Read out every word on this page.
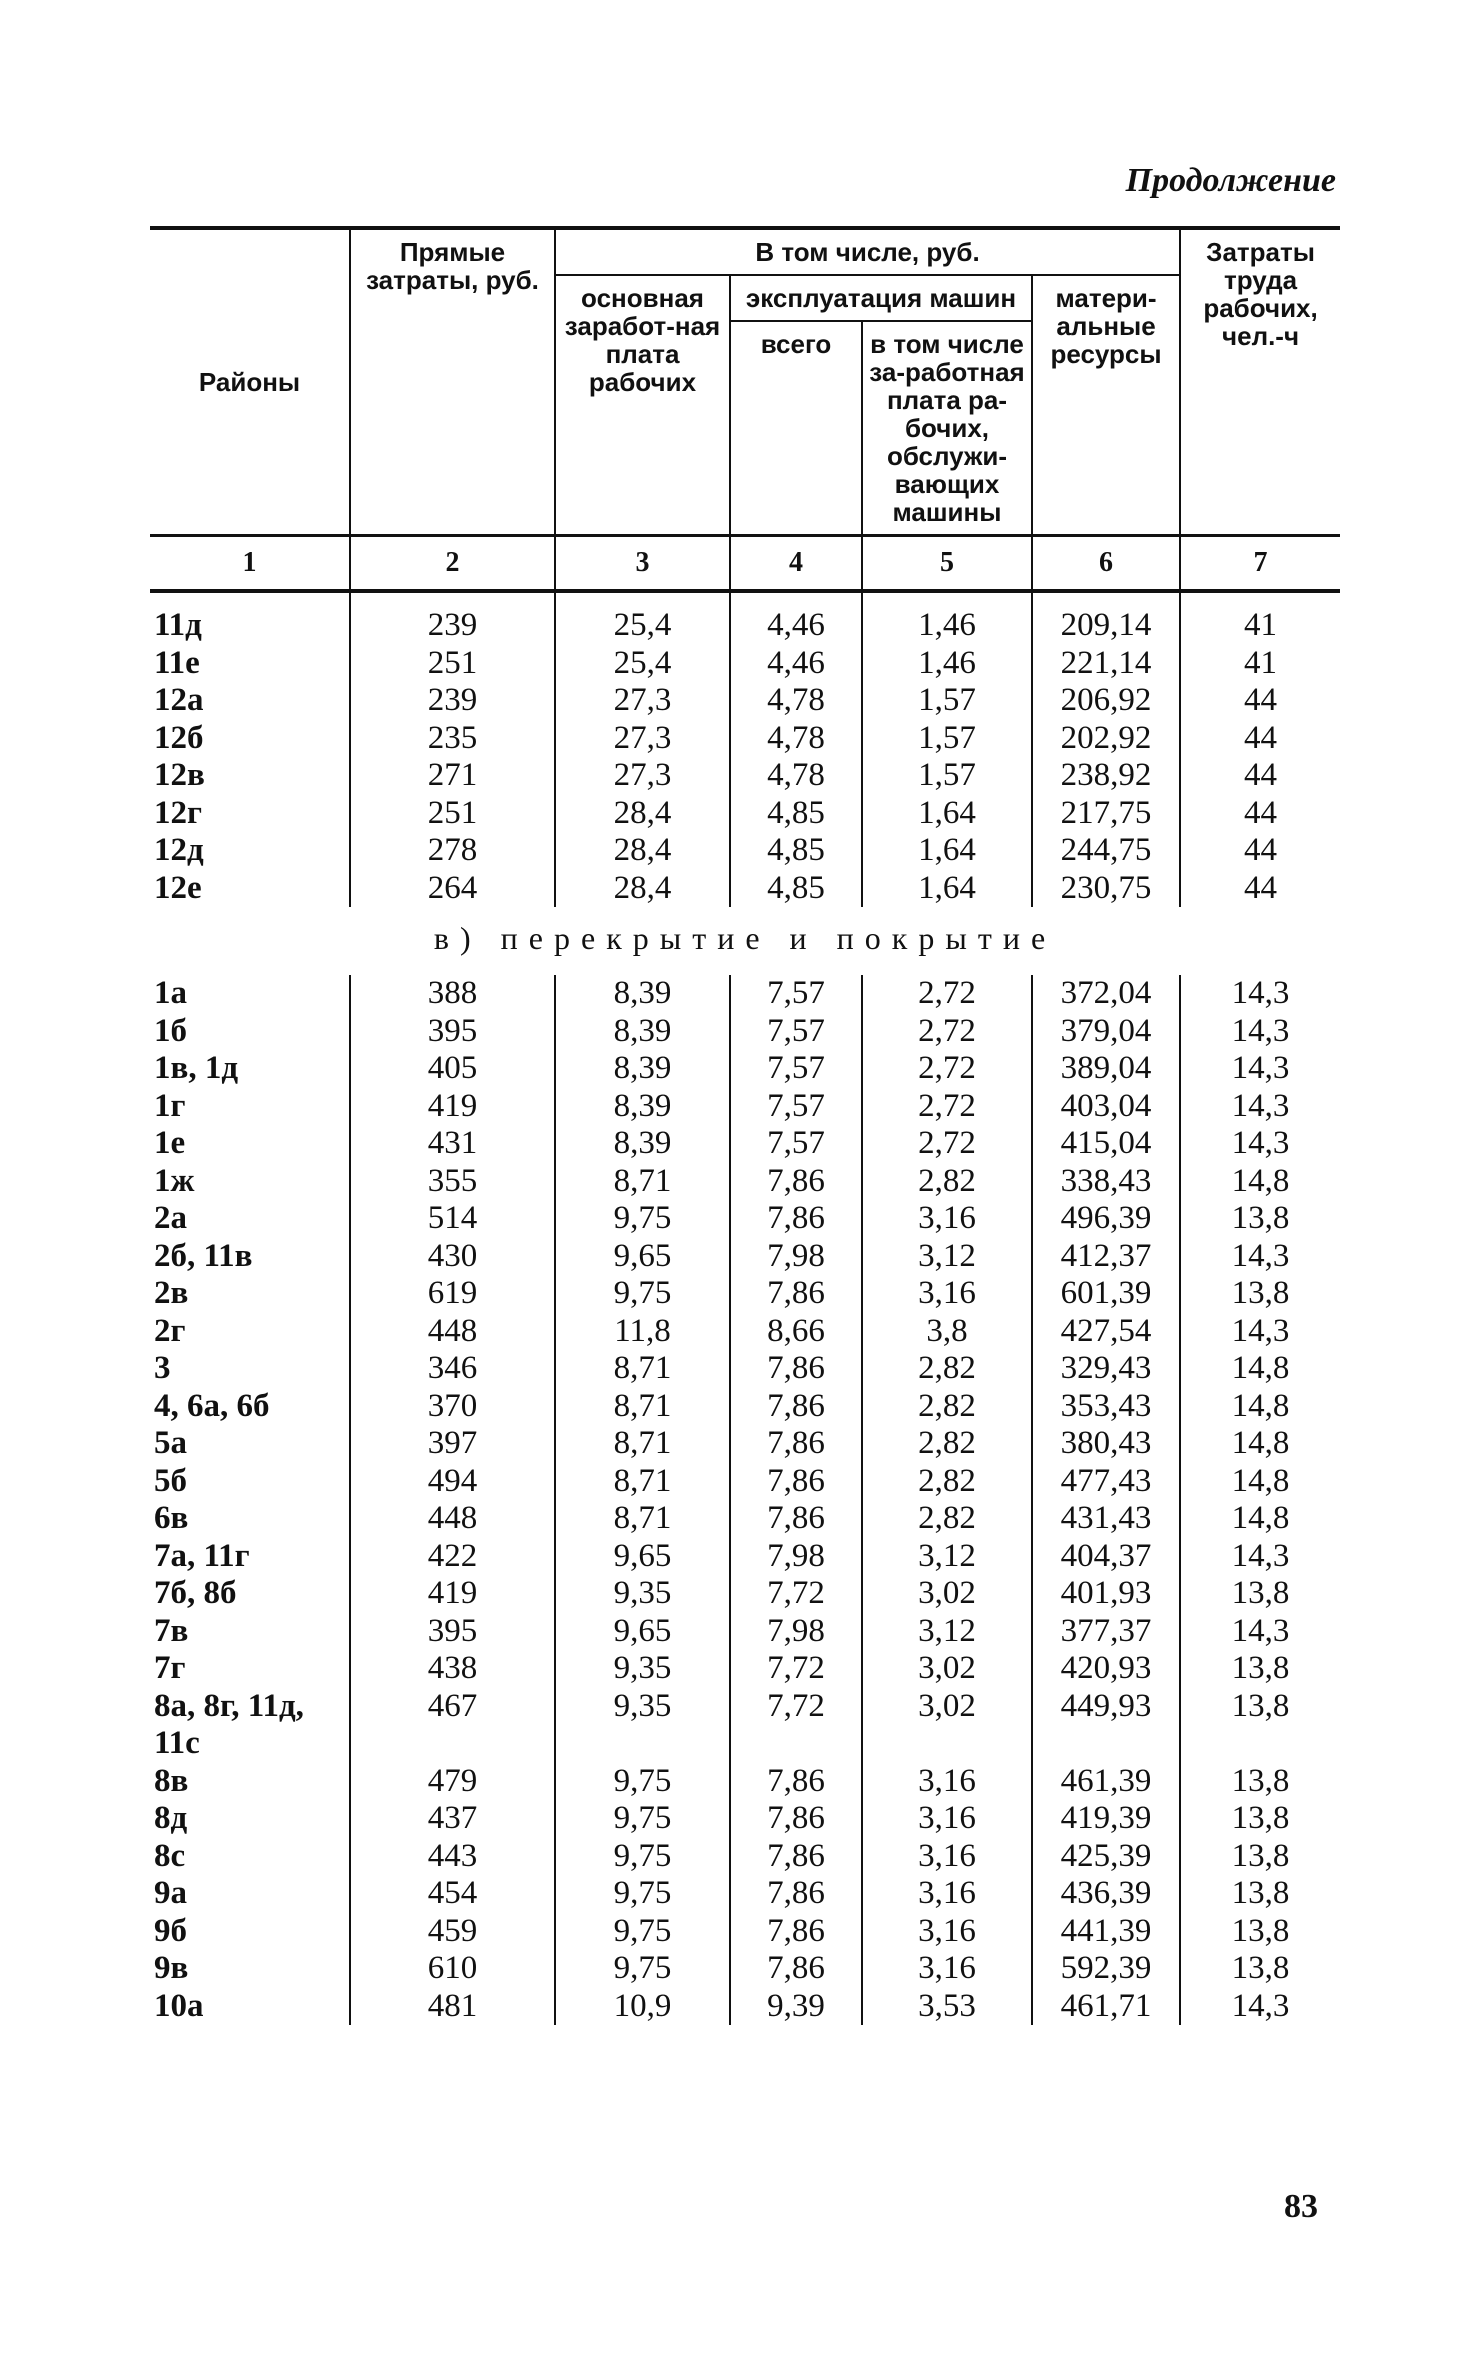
Продолжение
Районы	Прямые затраты, руб.	В том числе, руб.				Затраты труда рабочих, чел.-ч
		основная заработ-ная плата рабочих	эксплуатация машин		матери-альные ресурсы	
			всего	в том числе за-работная плата ра-бочих, обслужи-вающих машины		
1	2	3	4	5	6	7
11д	239	25,4	4,46	1,46	209,14	41
11е	251	25,4	4,46	1,46	221,14	41
12а	239	27,3	4,78	1,57	206,92	44
12б	235	27,3	4,78	1,57	202,92	44
12в	271	27,3	4,78	1,57	238,92	44
12г	251	28,4	4,85	1,64	217,75	44
12д	278	28,4	4,85	1,64	244,75	44
12е	264	28,4	4,85	1,64	230,75	44
в) перекрытие и покрытие						
1а	388	8,39	7,57	2,72	372,04	14,3
1б	395	8,39	7,57	2,72	379,04	14,3
1в, 1д	405	8,39	7,57	2,72	389,04	14,3
1г	419	8,39	7,57	2,72	403,04	14,3
1е	431	8,39	7,57	2,72	415,04	14,3
1ж	355	8,71	7,86	2,82	338,43	14,8
2а	514	9,75	7,86	3,16	496,39	13,8
2б, 11в	430	9,65	7,98	3,12	412,37	14,3
2в	619	9,75	7,86	3,16	601,39	13,8
2г	448	11,8	8,66	3,8	427,54	14,3
3	346	8,71	7,86	2,82	329,43	14,8
4, 6а, 6б	370	8,71	7,86	2,82	353,43	14,8
5а	397	8,71	7,86	2,82	380,43	14,8
5б	494	8,71	7,86	2,82	477,43	14,8
6в	448	8,71	7,86	2,82	431,43	14,8
7а, 11г	422	9,65	7,98	3,12	404,37	14,3
7б, 8б	419	9,35	7,72	3,02	401,93	13,8
7в	395	9,65	7,98	3,12	377,37	14,3
7г	438	9,35	7,72	3,02	420,93	13,8
8а, 8г, 11д,	467	9,35	7,72	3,02	449,93	13,8
11с						
8в	479	9,75	7,86	3,16	461,39	13,8
8д	437	9,75	7,86	3,16	419,39	13,8
8с	443	9,75	7,86	3,16	425,39	13,8
9а	454	9,75	7,86	3,16	436,39	13,8
9б	459	9,75	7,86	3,16	441,39	13,8
9в	610	9,75	7,86	3,16	592,39	13,8
10а	481	10,9	9,39	3,53	461,71	14,3
83
